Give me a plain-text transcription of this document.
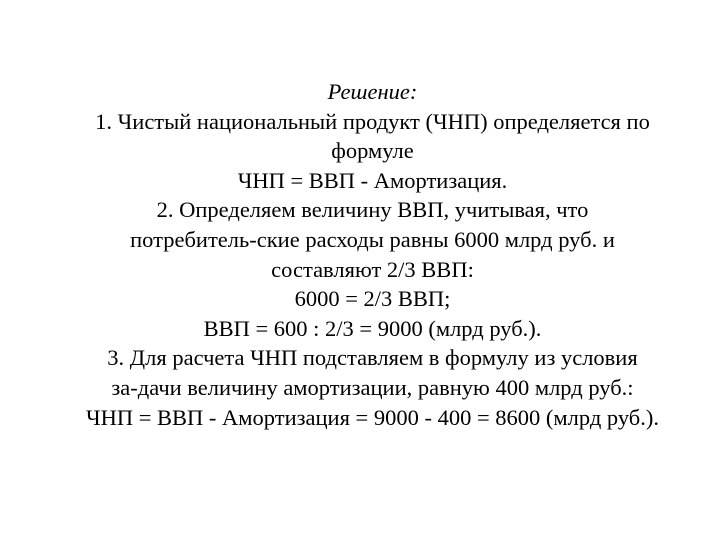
Решение:
1. Чистый национальный продукт (ЧНП) определяется по
формуле
ЧНП = ВВП - Амортизация.
2. Определяем величину ВВП, учитывая, что
потребитель-ские расходы равны 6000 млрд руб. и
составляют 2/3 ВВП:
6000 = 2/3 ВВП;
ВВП = 600 : 2/3 = 9000 (млрд руб.).
3. Для расчета ЧНП подставляем в формулу из условия
за-дачи величину амортизации, равную 400 млрд руб.:
ЧНП = ВВП - Амортизация = 9000 - 400 = 8600 (млрд руб.).
